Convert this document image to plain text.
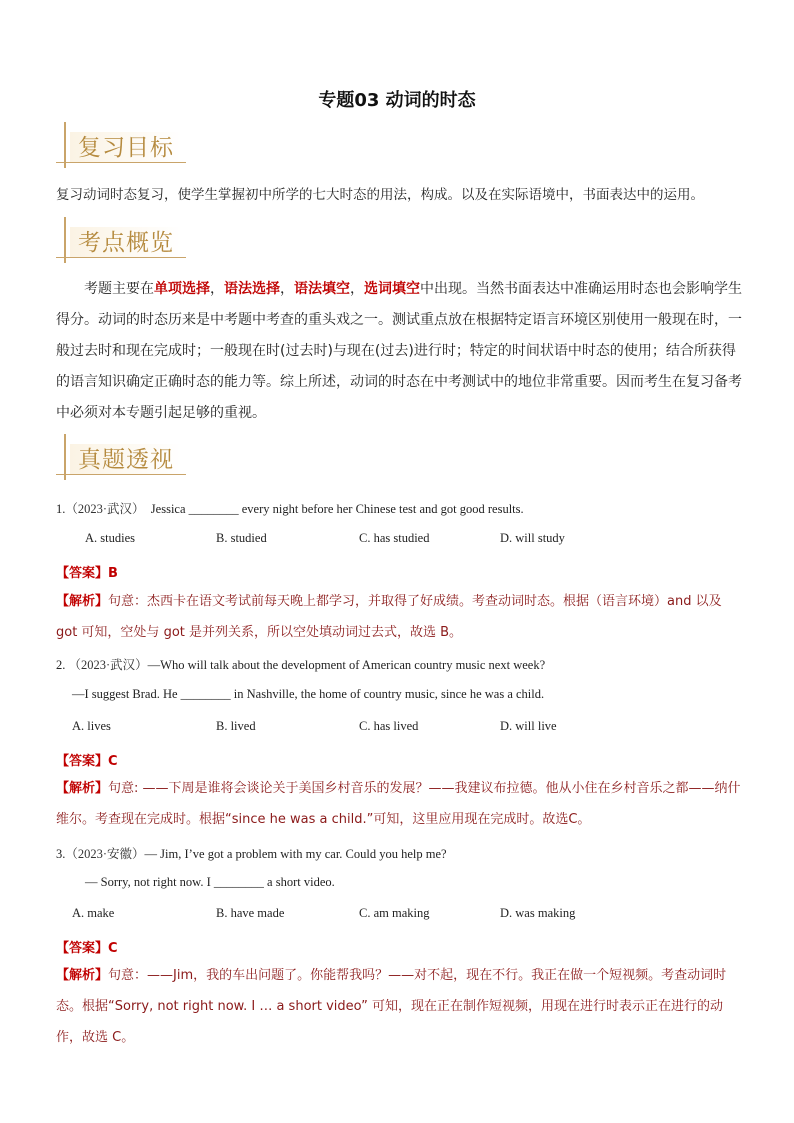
专题03 动词的时态
复习目标
复习动词时态复习，使学生掌握初中所学的七大时态的用法，构成。以及在实际语境中，书面表达中的运用。
考点概览
考题主要在单项选择，语法选择，语法填空，选词填空中出现。当然书面表达中准确运用时态也会影响学生得分。动词的时态历来是中考题中考查的重头戏之一。测试重点放在根据特定语言环境区别使用一般现在时，一般过去时和现在完成时；一般现在时(过去时)与现在(过去)进行时；特定的时间状语中时态的使用；结合所获得的语言知识确定正确时态的能力等。综上所述，动词的时态在中考测试中的地位非常重要。因而考生在复习备考中必须对本专题引起足够的重视。
真题透视
1.（2023·武汉） Jessica ________ every night before her Chinese test and got good results.
A. studies	B. studied	C. has studied	D. will study
【答案】B
【解析】句意：杰西卡在语文考试前每天晚上都学习，并取得了好成绩。考查动词时态。根据（语言环境）and 以及 got 可知，空处与 got 是并列关系，所以空处填动词过去式，故选 B。
2. （2023·武汉）—Who will talk about the development of American country music next week?
—I suggest Brad. He ________ in Nashville, the home of country music, since he was a child.
A. lives	B. lived	C. has lived	D. will live
【答案】C
【解析】句意: ——下周是谁将会谈论关于美国乡村音乐的发展？——我建议布拉德。他从小住在乡村音乐之都——纳什维尔。考查现在完成时。根据“since he was a child.”可知，这里应用现在完成时。故选C。
3.（2023·安徽）— Jim, I’ve got a problem with my car. Could you help me?
— Sorry, not right now. I ________ a short video.
A. make	B. have made	C. am making	D. was making
【答案】C
【解析】句意：——Jim，我的车出问题了。你能帮我吗？——对不起，现在不行。我正在做一个短视频。考查动词时态。根据“Sorry, not right now. I … a short video” 可知，现在正在制作短视频，用现在进行时表示正在进行的动作，故选 C。
